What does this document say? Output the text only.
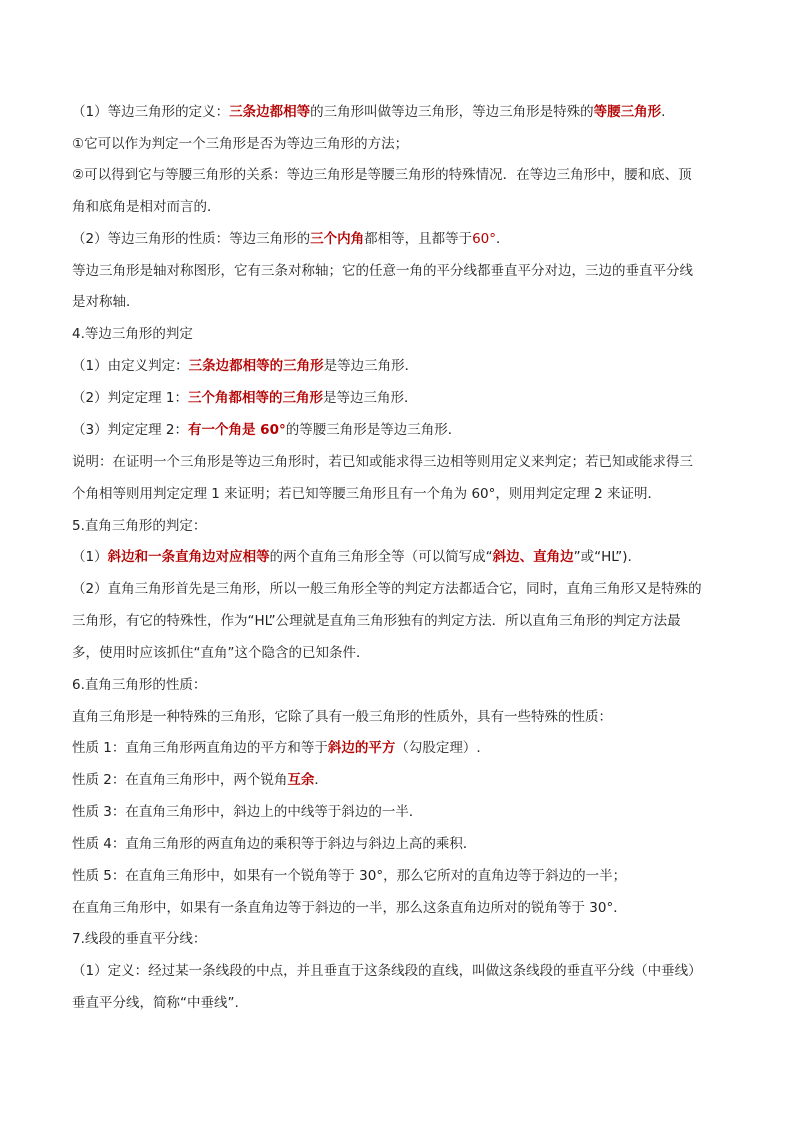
（1）等边三角形的定义：三条边都相等的三角形叫做等边三角形，等边三角形是特殊的等腰三角形.
①它可以作为判定一个三角形是否为等边三角形的方法；
②可以得到它与等腰三角形的关系：等边三角形是等腰三角形的特殊情况．在等边三角形中，腰和底、顶
角和底角是相对而言的．
（2）等边三角形的性质：等边三角形的三个内角都相等，且都等于60°．
等边三角形是轴对称图形，它有三条对称轴；它的任意一角的平分线都垂直平分对边，三边的垂直平分线
是对称轴．
4.等边三角形的判定
（1）由定义判定：三条边都相等的三角形是等边三角形．
（2）判定定理 1：三个角都相等的三角形是等边三角形．
（3）判定定理 2：有一个角是 60°的等腰三角形是等边三角形．
说明：在证明一个三角形是等边三角形时，若已知或能求得三边相等则用定义来判定；若已知或能求得三
个角相等则用判定定理 1 来证明；若已知等腰三角形且有一个角为 60°，则用判定定理 2 来证明．
5.直角三角形的判定：
（1）斜边和一条直角边对应相等的两个直角三角形全等（可以简写成“斜边、直角边”或“HL”).
（2）直角三角形首先是三角形，所以一般三角形全等的判定方法都适合它，同时，直角三角形又是特殊的
三角形，有它的特殊性，作为“HL”公理就是直角三角形独有的判定方法．所以直角三角形的判定方法最
多，使用时应该抓住“直角”这个隐含的已知条件．
6.直角三角形的性质：
直角三角形是一种特殊的三角形，它除了具有一般三角形的性质外，具有一些特殊的性质：
性质 1：直角三角形两直角边的平方和等于斜边的平方（勾股定理）.
性质 2：在直角三角形中，两个锐角互余．
性质 3：在直角三角形中，斜边上的中线等于斜边的一半．
性质 4：直角三角形的两直角边的乘积等于斜边与斜边上高的乘积．
性质 5：在直角三角形中，如果有一个锐角等于 30°，那么它所对的直角边等于斜边的一半；
在直角三角形中，如果有一条直角边等于斜边的一半，那么这条直角边所对的锐角等于 30°．
7.线段的垂直平分线：
（1）定义：经过某一条线段的中点，并且垂直于这条线段的直线，叫做这条线段的垂直平分线（中垂线）
垂直平分线，简称“中垂线”.
